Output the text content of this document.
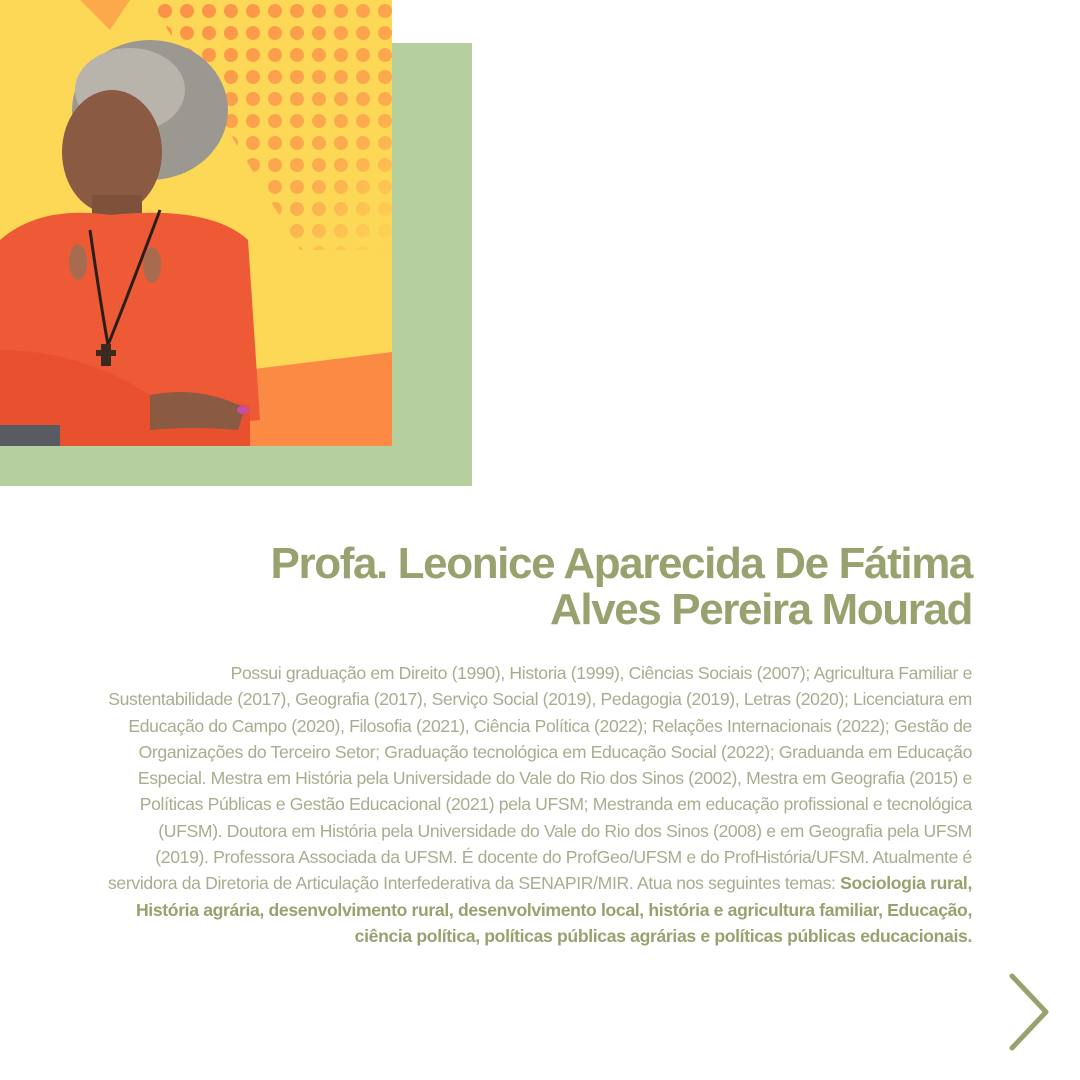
Profa. Leonice Aparecida De Fátima
Alves Pereira Mourad

Possui graduação em Direito (1990), Historia (1999), Ciências Sociais (2007); Agricultura Familiar e Sustentabilidade (2017), Geografia (2017), Serviço Social (2019), Pedagogia (2019), Letras (2020); Licenciatura em Educação do Campo (2020), Filosofia (2021), Ciência Política (2022); Relações Internacionais (2022); Gestão de Organizações do Terceiro Setor; Graduação tecnológica em Educação Social (2022); Graduanda em Educação Especial. Mestra em História pela Universidade do Vale do Rio dos Sinos (2002), Mestra em Geografia (2015) e Políticas Públicas e Gestão Educacional (2021) pela UFSM; Mestranda em educação profissional e tecnológica (UFSM). Doutora em História pela Universidade do Vale do Rio dos Sinos (2008) e em Geografia pela UFSM (2019). Professora Associada da UFSM. É docente do ProfGeo/UFSM e do ProfHistória/UFSM. Atualmente é servidora da Diretoria de Articulação Interfederativa da SENAPIR/MIR. Atua nos seguintes temas: Sociologia rural, História agrária, desenvolvimento rural, desenvolvimento local, história e agricultura familiar, Educação, ciência política, políticas públicas agrárias e políticas públicas educacionais.
